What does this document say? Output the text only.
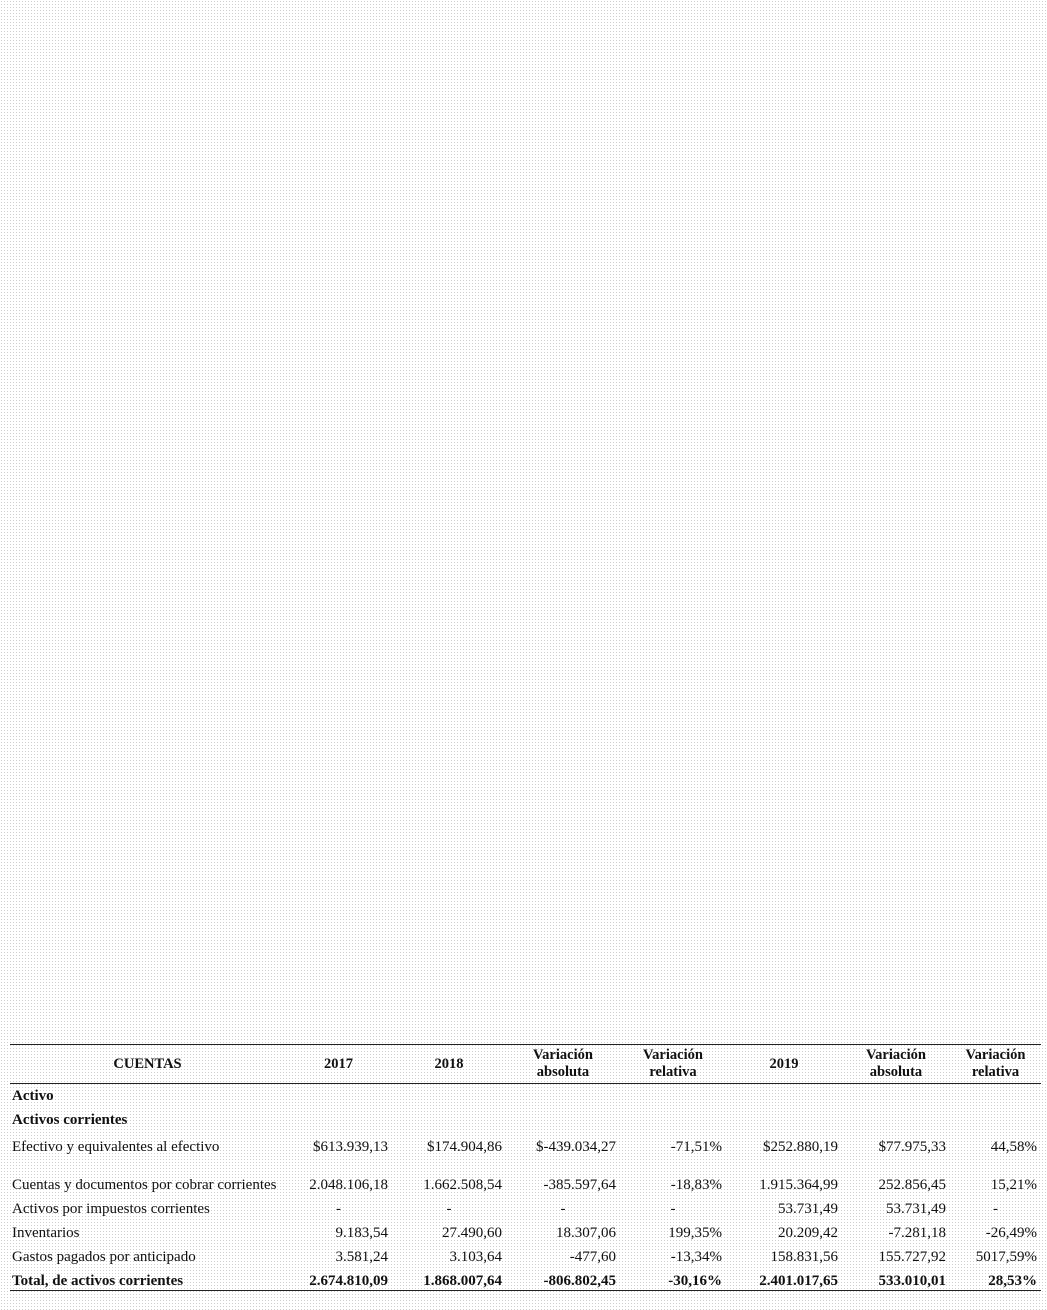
CUENTAS	2017	2018	Variación absoluta	Variación relativa	2019	Variación absoluta	Variación relativa
Activo							
Activos corrientes							
Efectivo y equivalentes al efectivo	$613.939,13	$174.904,86	$-439.034,27	-71,51%	$252.880,19	$77.975,33	44,58%
Cuentas y documentos por cobrar corrientes	2.048.106,18	1.662.508,54	-385.597,64	-18,83%	1.915.364,99	252.856,45	15,21%
Activos por impuestos corrientes	-	-	-	-	53.731,49	53.731,49	-
Inventarios	9.183,54	27.490,60	18.307,06	199,35%	20.209,42	-7.281,18	-26,49%
Gastos pagados por anticipado	3.581,24	3.103,64	-477,60	-13,34%	158.831,56	155.727,92	5017,59%
Total, de activos corrientes	2.674.810,09	1.868.007,64	-806.802,45	-30,16%	2.401.017,65	533.010,01	28,53%
